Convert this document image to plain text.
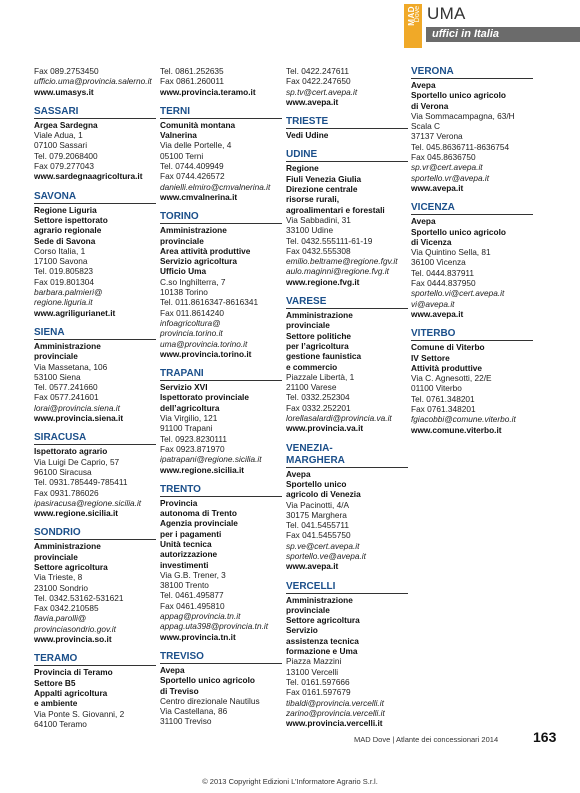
MAD
Dove UMA
uffici in Italia
Fax 089.2753450
ufficio.uma@provincia.salerno.it
www.umasys.it
SASSARI
Argea Sardegna
Viale Adua, 1
07100 Sassari
Tel. 079.2068400
Fax 079.277043
www.sardegnaagricoltura.it
SAVONA
Regione Liguria
Settore ispettorato
agrario regionale
Sede di Savona
Corso Italia, 1
17100 Savona
Tel. 019.805823
Fax 019.801304
barbara.palmieri@
regione.liguria.it
www.agriligurianet.it
SIENA
Amministrazione
provinciale
Via Massetana, 106
53100 Siena
Tel. 0577.241660
Fax 0577.241601
lorai@provincia.siena.it
www.provincia.siena.it
SIRACUSA
Ispettorato agrario
Via Luigi De Caprio, 57
96100 Siracusa
Tel. 0931.785449-785411
Fax 0931.786026
ipasiracusa@regione.sicilia.it
www.regione.sicilia.it
SONDRIO
Amministrazione
provinciale
Settore agricoltura
Via Trieste, 8
23100 Sondrio
Tel. 0342.53162-531621
Fax 0342.210585
flavia.parolli@
provinciasondrio.gov.it
www.provincia.so.it
TERAMO
Provincia di Teramo
Settore B5
Appalti agricoltura
e ambiente
Via Ponte S. Giovanni, 2
64100 Teramo
Tel. 0861.252635
Fax 0861.260011
www.provincia.teramo.it
TERNI
Comunità montana
Valnerina
Via delle Portelle, 4
05100 Terni
Tel. 0744.409949
Fax 0744.426572
danielli.elmiro@cmvalnerina.it
www.cmvalnerina.it
TORINO
Amministrazione
provinciale
Area attività produttive
Servizio agricoltura
Ufficio Uma
C.so Inghilterra, 7
10138 Torino
Tel. 011.8616347-8616341
Fax 011.8614240
infoagricoltura@
provincia.torino.it
uma@provincia.torino.it
www.provincia.torino.it
TRAPANI
Servizio XVI
Ispettorato provinciale
dell’agricoltura
Via Virgilio, 121
91100 Trapani
Tel. 0923.8230111
Fax 0923.871970
ipatrapani@regione.sicilia.it
www.regione.sicilia.it
TRENTO
Provincia
autonoma di Trento
Agenzia provinciale
per i pagamenti
Unità tecnica
autorizzazione
investimenti
Via G.B. Trener, 3
38100 Trento
Tel. 0461.495877
Fax 0461.495810
appag@provincia.tn.it
appag.uta398@provincia.tn.it
www.provincia.tn.it
TREVISO
Avepa
Sportello unico agricolo
di Treviso
Centro direzionale Nautilus
Via Castellana, 86
31100 Treviso
Tel. 0422.247611
Fax 0422.247650
sp.tv@cert.avepa.it
www.avepa.it
TRIESTE
Vedi Udine
UDINE
Regione
Fiuli Venezia Giulia
Direzione centrale
risorse rurali,
agroalimentari e forestali
Via Sabbadini, 31
33100 Udine
Tel. 0432.555111-61-19
Fax 0432.555308
emilio.beltrame@regione.fgv.it
aulo.maginni@regione.fvg.it
www.regione.fvg.it
VARESE
Amministrazione
provinciale
Settore politiche
per l’agricoltura
gestione faunistica
e commercio
Piazzale Libertà, 1
21100 Varese
Tel. 0332.252304
Fax 0332.252201
lorellasalardi@provincia.va.it
www.provincia.va.it
VENEZIA-
MARGHERA
Avepa
Sportello unico
agricolo di Venezia
Via Pacinotti, 4/A
30175 Marghera
Tel. 041.5455711
Fax 041.5455750
sp.ve@cert.avepa.it
sportello.ve@avepa.it
www.avepa.it
VERCELLI
Amministrazione
provinciale
Settore agricoltura
Servizio
assistenza tecnica
formazione e Uma
Piazza Mazzini
13100 Vercelli
Tel. 0161.597666
Fax 0161.597679
tibaldi@provincia.vercelli.it
zarino@provincia.vercelli.it
www.provincia.vercelli.it
VERONA
Avepa
Sportello unico agricolo
di Verona
Via Sommacampagna, 63/H
Scala C
37137 Verona
Tel. 045.8636711-8636754
Fax 045.8636750
sp.vr@cert.avepa.it
sportello.vr@avepa.it
www.avepa.it
VICENZA
Avepa
Sportello unico agricolo
di Vicenza
Via Quintino Sella, 81
36100 Vicenza
Tel. 0444.837911
Fax 0444.837950
sportello.vi@cert.avepa.it
vi@avepa.it
www.avepa.it
VITERBO
Comune di Viterbo
IV Settore
Attività produttive
Via C. Agnesotti, 22/E
01100 Viterbo
Tel. 0761.348201
Fax 0761.348201
fgiacobbi@comune.viterbo.it
www.comune.viterbo.it
MAD Dove | Atlante dei concessionari 2014 163
© 2013 Copyright Edizioni L’Informatore Agrario S.r.l.
